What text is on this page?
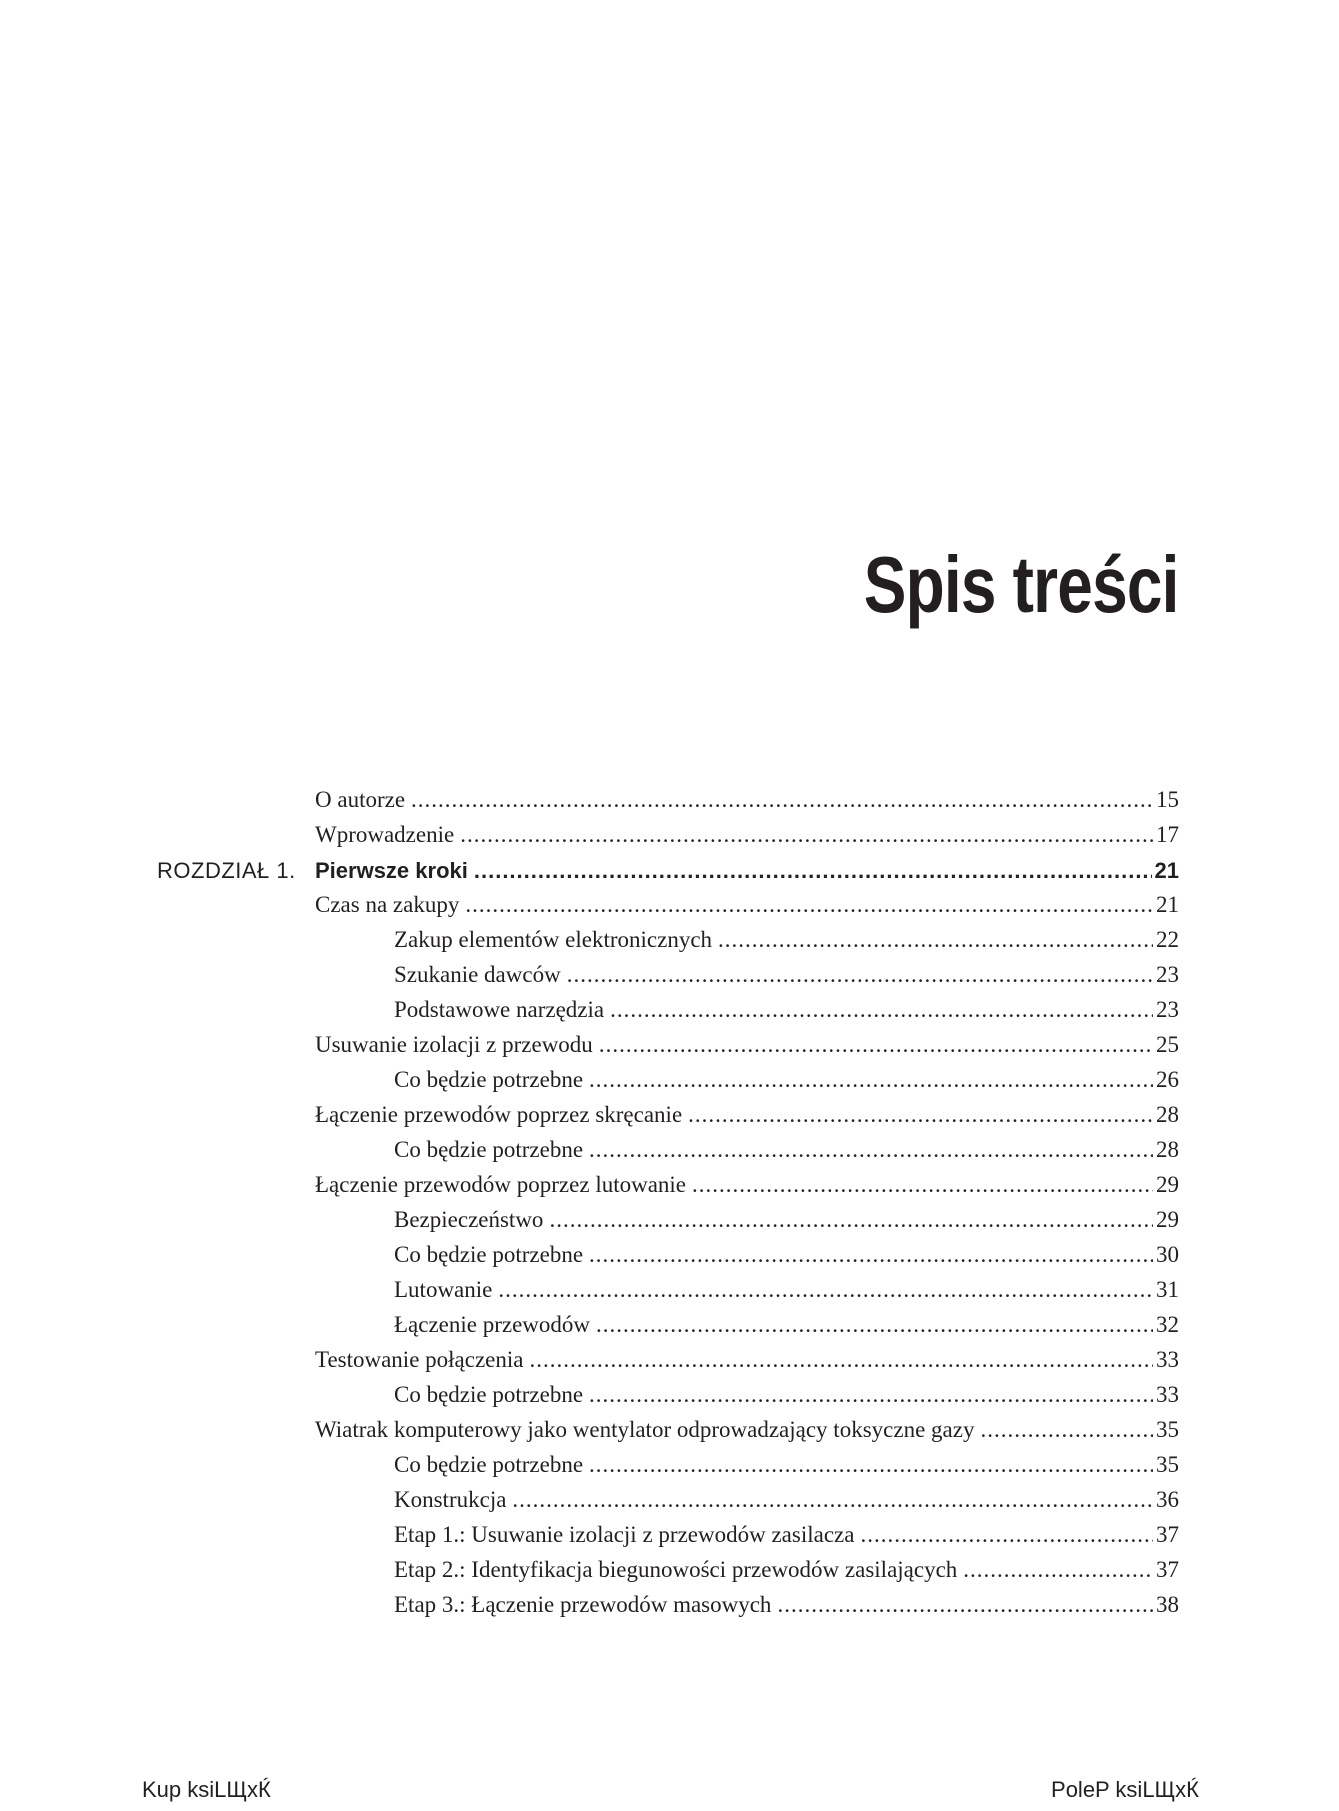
Spis treści
O autorze .....	15
Wprowadzenie .....	17
ROZDZIAŁ 1. Pierwsze kroki .....	21
Czas na zakupy .....	21
Zakup elementów elektronicznych .....	22
Szukanie dawców .....	23
Podstawowe narzędzia .....	23
Usuwanie izolacji z przewodu .....	25
Co będzie potrzebne .....	26
Łączenie przewodów poprzez skręcanie .....	28
Co będzie potrzebne .....	28
Łączenie przewodów poprzez lutowanie .....	29
Bezpieczeństwo .....	29
Co będzie potrzebne .....	30
Lutowanie .....	31
Łączenie przewodów .....	32
Testowanie połączenia .....	33
Co będzie potrzebne .....	33
Wiatrak komputerowy jako wentylator odprowadzający toksyczne gazy .....	35
Co będzie potrzebne .....	35
Konstrukcja .....	36
Etap 1.: Usuwanie izolacji z przewodów zasilacza .....	37
Etap 2.: Identyfikacja biegunowości przewodów zasilających .....	37
Etap 3.: Łączenie przewodów masowych .....	38
Kup ksiLЩxЌ	PoleP ksiLЩxЌ
